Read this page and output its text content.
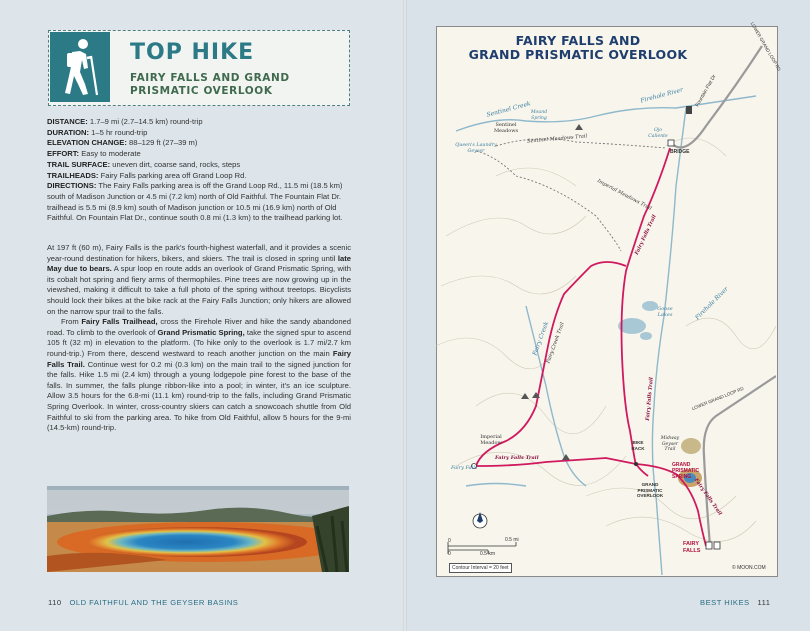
TOP HIKE
FAIRY FALLS AND GRAND PRISMATIC OVERLOOK

DISTANCE: 1.7–9 mi (2.7–14.5 km) round-trip

DURATION: 1–5 hr round-trip

ELEVATION CHANGE: 88–129 ft (27–39 m)

EFFORT: Easy to moderate

TRAIL SURFACE: uneven dirt, coarse sand, rocks, steps

TRAILHEADS: Fairy Falls parking area off Grand Loop Rd.

DIRECTIONS: The Fairy Falls parking area is off the Grand Loop Rd., 11.5 mi (18.5 km) south of Madison Junction or 4.5 mi (7.2 km) north of Old Faithful. The Fountain Flat Dr. trailhead is 5.5 mi (8.9 km) south of Madison junction or 10.5 mi (16.9 km) north of Old Faithful. On Fountain Flat Dr., continue south 0.8 mi (1.3 km) to the trailhead parking lot.

At 197 ft (60 m), Fairy Falls is the park's fourth-highest waterfall, and it provides a scenic year-round destination for hikers, bikers, and skiers. The trail is closed in spring until late May due to bears. A spur loop en route adds an overlook of Grand Prismatic Spring, with its cobalt hot spring and fiery arms of thermophiles. Pine trees are now growing up in the viewshed, making it difficult to take a full photo of the spring without treetops. Bicyclists should lock their bikes at the bike rack at the Fairy Falls Junction; only hikers are allowed on the narrow spur trail to the falls.

From Fairy Falls Trailhead, cross the Firehole River and hike the sandy abandoned road. To climb to the overlook of Grand Prismatic Spring, take the signed spur to ascend 105 ft (32 m) in elevation to the platform. (To hike only to the overlook is 1.7 mi/2.7 km round-trip.) From there, descend westward to reach another junction on the main Fairy Falls Trail. Continue west for 0.2 mi (0.3 km) on the main trail to the signed junction for the falls. Hike 1.5 mi (2.4 km) through a young lodgepole pine forest to the base of the falls. In summer, the falls plunge ribbon-like into a pool; in winter, it's an ice sculpture. Allow 3.5 hours for the 6.8-mi (11.1 km) round-trip to the falls, including Grand Prismatic Spring Overlook. In winter, cross-country skiers can catch a snowcoach shuttle from Old Faithful to ski from the parking area. To hike from Old Faithful, allow 5 hours for the 9-mi (14.5-km) round-trip.

110 OLD FAITHFUL AND THE GEYSER BASINS	BEST HIKES 111
FAIRY FALLS AND
GRAND PRISMATIC OVERLOOK
Sentinel Creek
Sentinel Meadows
Mound Spring
Queen's Laundry Geyser
Sentinel Meadows Trail
Firehole River
Ojo Caliente
BRIDGE
Fountain Flat Dr
LOWER GRAND LOOP RD
Imperial Meadows Trail
Fairy Falls Trail
Goose Lakes	Firehole River
Fairy Creek
Fairy Creek Trail
LOWER GRAND LOOP RD
Fairy Falls Trail
Imperial Meadow	BIKE RACK
Midway Geyser Trail
Fairy Falls Trail
Fairy Falls	GRAND PRISMATIC SPRING
GRAND PRISMATIC OVERLOOK	Fairy Falls Trail
FAIRY FALLS
0.5 mi
0.5 km
0
0
Contour Interval = 20 feet	© MOON.COM
